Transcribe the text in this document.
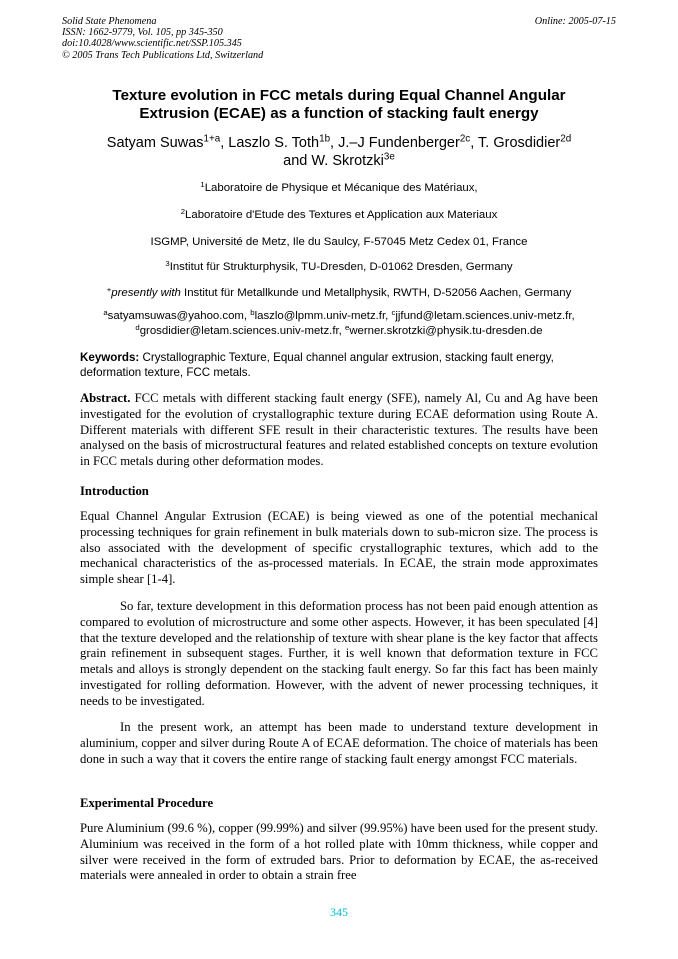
Solid State Phenomena
ISSN: 1662-9779, Vol. 105, pp 345-350
doi:10.4028/www.scientific.net/SSP.105.345
© 2005 Trans Tech Publications Ltd, Switzerland
Online: 2005-07-15
Texture evolution in FCC metals during Equal Channel Angular
Extrusion (ECAE) as a function of stacking fault energy
Satyam Suwas$^{1+a}$, Laszlo S. Toth$^{1b}$, J.–J Fundenberger$^{2c}$, T. Grosdidier$^{2d}$
and W. Skrotzki$^{3e}$
$^1$Laboratoire de Physique et Mécanique des Matériaux,
$^2$Laboratoire d'Etude des Textures et Application aux Materiaux
ISGMP, Université de Metz, Ile du Saulcy, F-57045 Metz Cedex 01, France
$^3$Institut für Strukturphysik, TU-Dresden, D-01062 Dresden, Germany
+presently with Institut für Metallkunde und Metallphysik, RWTH, D-52056 Aachen, Germany
$^a$satyamsuwas@yahoo.com, $^b$laszlo@lpmm.univ-metz.fr, $^c$jjfund@letam.sciences.univ-metz.fr, $^d$grosdidier@letam.sciences.univ-metz.fr, $^e$werner.skrotzki@physik.tu-dresden.de
Keywords: Crystallographic Texture, Equal channel angular extrusion, stacking fault energy, deformation texture, FCC metals.

Abstract. FCC metals with different stacking fault energy (SFE), namely Al, Cu and Ag have been investigated for the evolution of crystallographic texture during ECAE deformation using Route A. Different materials with different SFE result in their characteristic textures. The results have been analysed on the basis of microstructural features and related established concepts on texture evolution in FCC metals during other deformation modes.

Introduction

Equal Channel Angular Extrusion (ECAE) is being viewed as one of the potential mechanical processing techniques for grain refinement in bulk materials down to sub-micron size. The process is also associated with the development of specific crystallographic textures, which add to the mechanical characteristics of the as-processed materials. In ECAE, the strain mode approximates simple shear [1-4].

So far, texture development in this deformation process has not been paid enough attention as compared to evolution of microstructure and some other aspects. However, it has been speculated [4] that the texture developed and the relationship of texture with shear plane is the key factor that affects grain refinement in subsequent stages. Further, it is well known that deformation texture in FCC metals and alloys is strongly dependent on the stacking fault energy. So far this fact has been mainly investigated for rolling deformation. However, with the advent of newer processing techniques, it needs to be investigated.

In the present work, an attempt has been made to understand texture development in aluminium, copper and silver during Route A of ECAE deformation. The choice of materials has been done in such a way that it covers the entire range of stacking fault energy amongst FCC materials.

Experimental Procedure

Pure Aluminium (99.6 %), copper (99.99%) and silver (99.95%) have been used for the present study. Aluminium was received in the form of a hot rolled plate with 10mm thickness, while copper and silver were received in the form of extruded bars. Prior to deformation by ECAE, the as-received materials were annealed in order to obtain a strain free

345
